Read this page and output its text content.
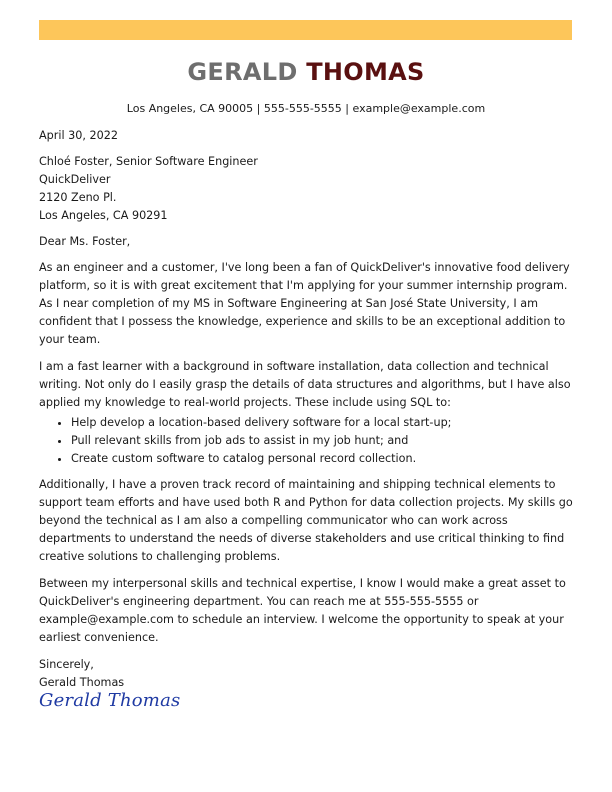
GERALD THOMAS
Los Angeles, CA 90005 | 555-555-5555 | example@example.com

April 30, 2022

Chloé Foster, Senior Software Engineer

QuickDeliver

2120 Zeno Pl.

Los Angeles, CA 90291

Dear Ms. Foster,

As an engineer and a customer, I've long been a fan of QuickDeliver's innovative food delivery platform, so it is with great excitement that I'm applying for your summer internship program. As I near completion of my MS in Software Engineering at San José State University, I am confident that I possess the knowledge, experience and skills to be an exceptional addition to your team.

I am a fast learner with a background in software installation, data collection and technical writing. Not only do I easily grasp the details of data structures and algorithms, but I have also applied my knowledge to real-world projects. These include using SQL to:

• Help develop a location-based delivery software for a local start-up;
• Pull relevant skills from job ads to assist in my job hunt; and
• Create custom software to catalog personal record collection.

Additionally, I have a proven track record of maintaining and shipping technical elements to support team efforts and have used both R and Python for data collection projects. My skills go beyond the technical as I am also a compelling communicator who can work across departments to understand the needs of diverse stakeholders and use critical thinking to find creative solutions to challenging problems.

Between my interpersonal skills and technical expertise, I know I would make a great asset to QuickDeliver's engineering department. You can reach me at 555-555-5555 or example@example.com to schedule an interview. I welcome the opportunity to speak at your earliest convenience.

Sincerely,

Gerald Thomas

Gerald Thomas
